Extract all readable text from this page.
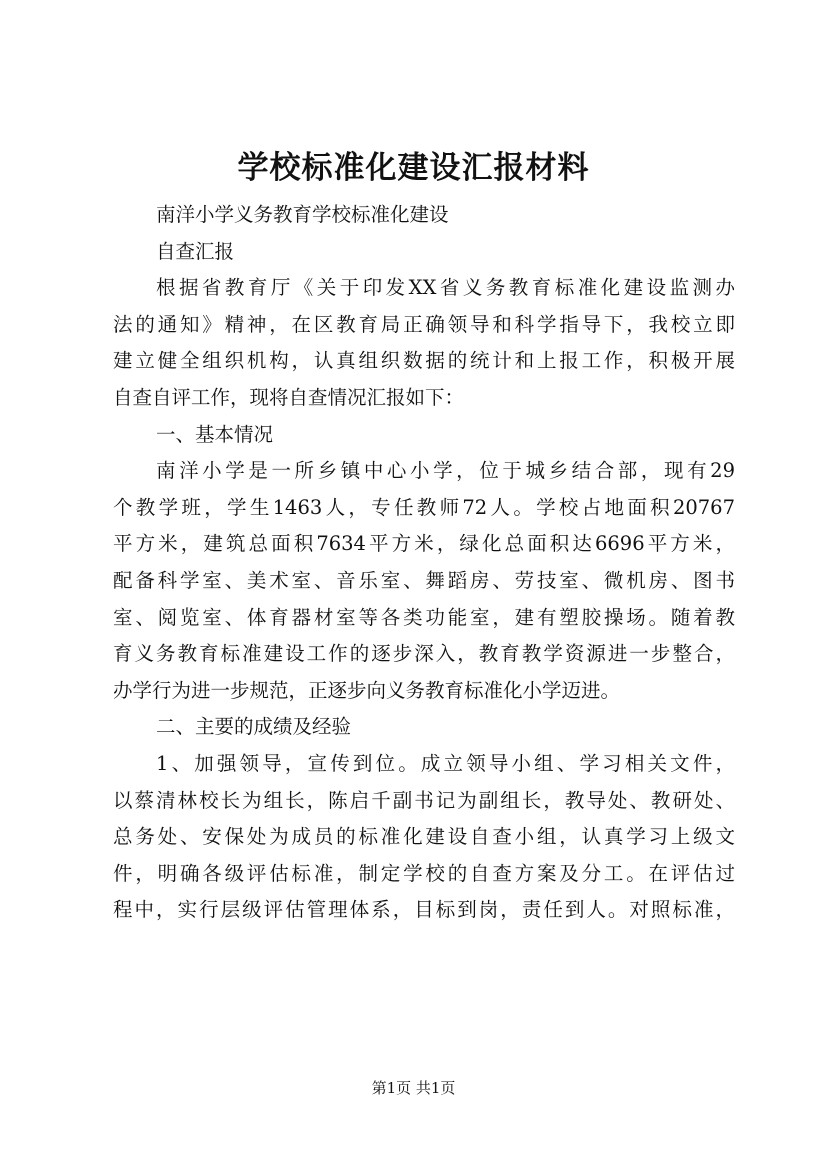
学校标准化建设汇报材料
南洋小学义务教育学校标准化建设
自查汇报
根据省教育厅《关于印发XX省义务教育标准化建设监测办
法的通知》精神，在区教育局正确领导和科学指导下，我校立即
建立健全组织机构，认真组织数据的统计和上报工作，积极开展
自查自评工作，现将自查情况汇报如下：
一、基本情况
南洋小学是一所乡镇中心小学，位于城乡结合部，现有29
个教学班，学生1463人，专任教师72人。学校占地面积20767
平方米，建筑总面积7634平方米，绿化总面积达6696平方米，
配备科学室、美术室、音乐室、舞蹈房、劳技室、微机房、图书
室、阅览室、体育器材室等各类功能室，建有塑胶操场。随着教
育义务教育标准建设工作的逐步深入，教育教学资源进一步整合，
办学行为进一步规范，正逐步向义务教育标准化小学迈进。
二、主要的成绩及经验
1、加强领导，宣传到位。成立领导小组、学习相关文件，
以蔡清林校长为组长，陈启千副书记为副组长，教导处、教研处、
总务处、安保处为成员的标准化建设自查小组，认真学习上级文
件，明确各级评估标准，制定学校的自查方案及分工。在评估过
程中，实行层级评估管理体系，目标到岗，责任到人。对照标准，
第1页 共1页
